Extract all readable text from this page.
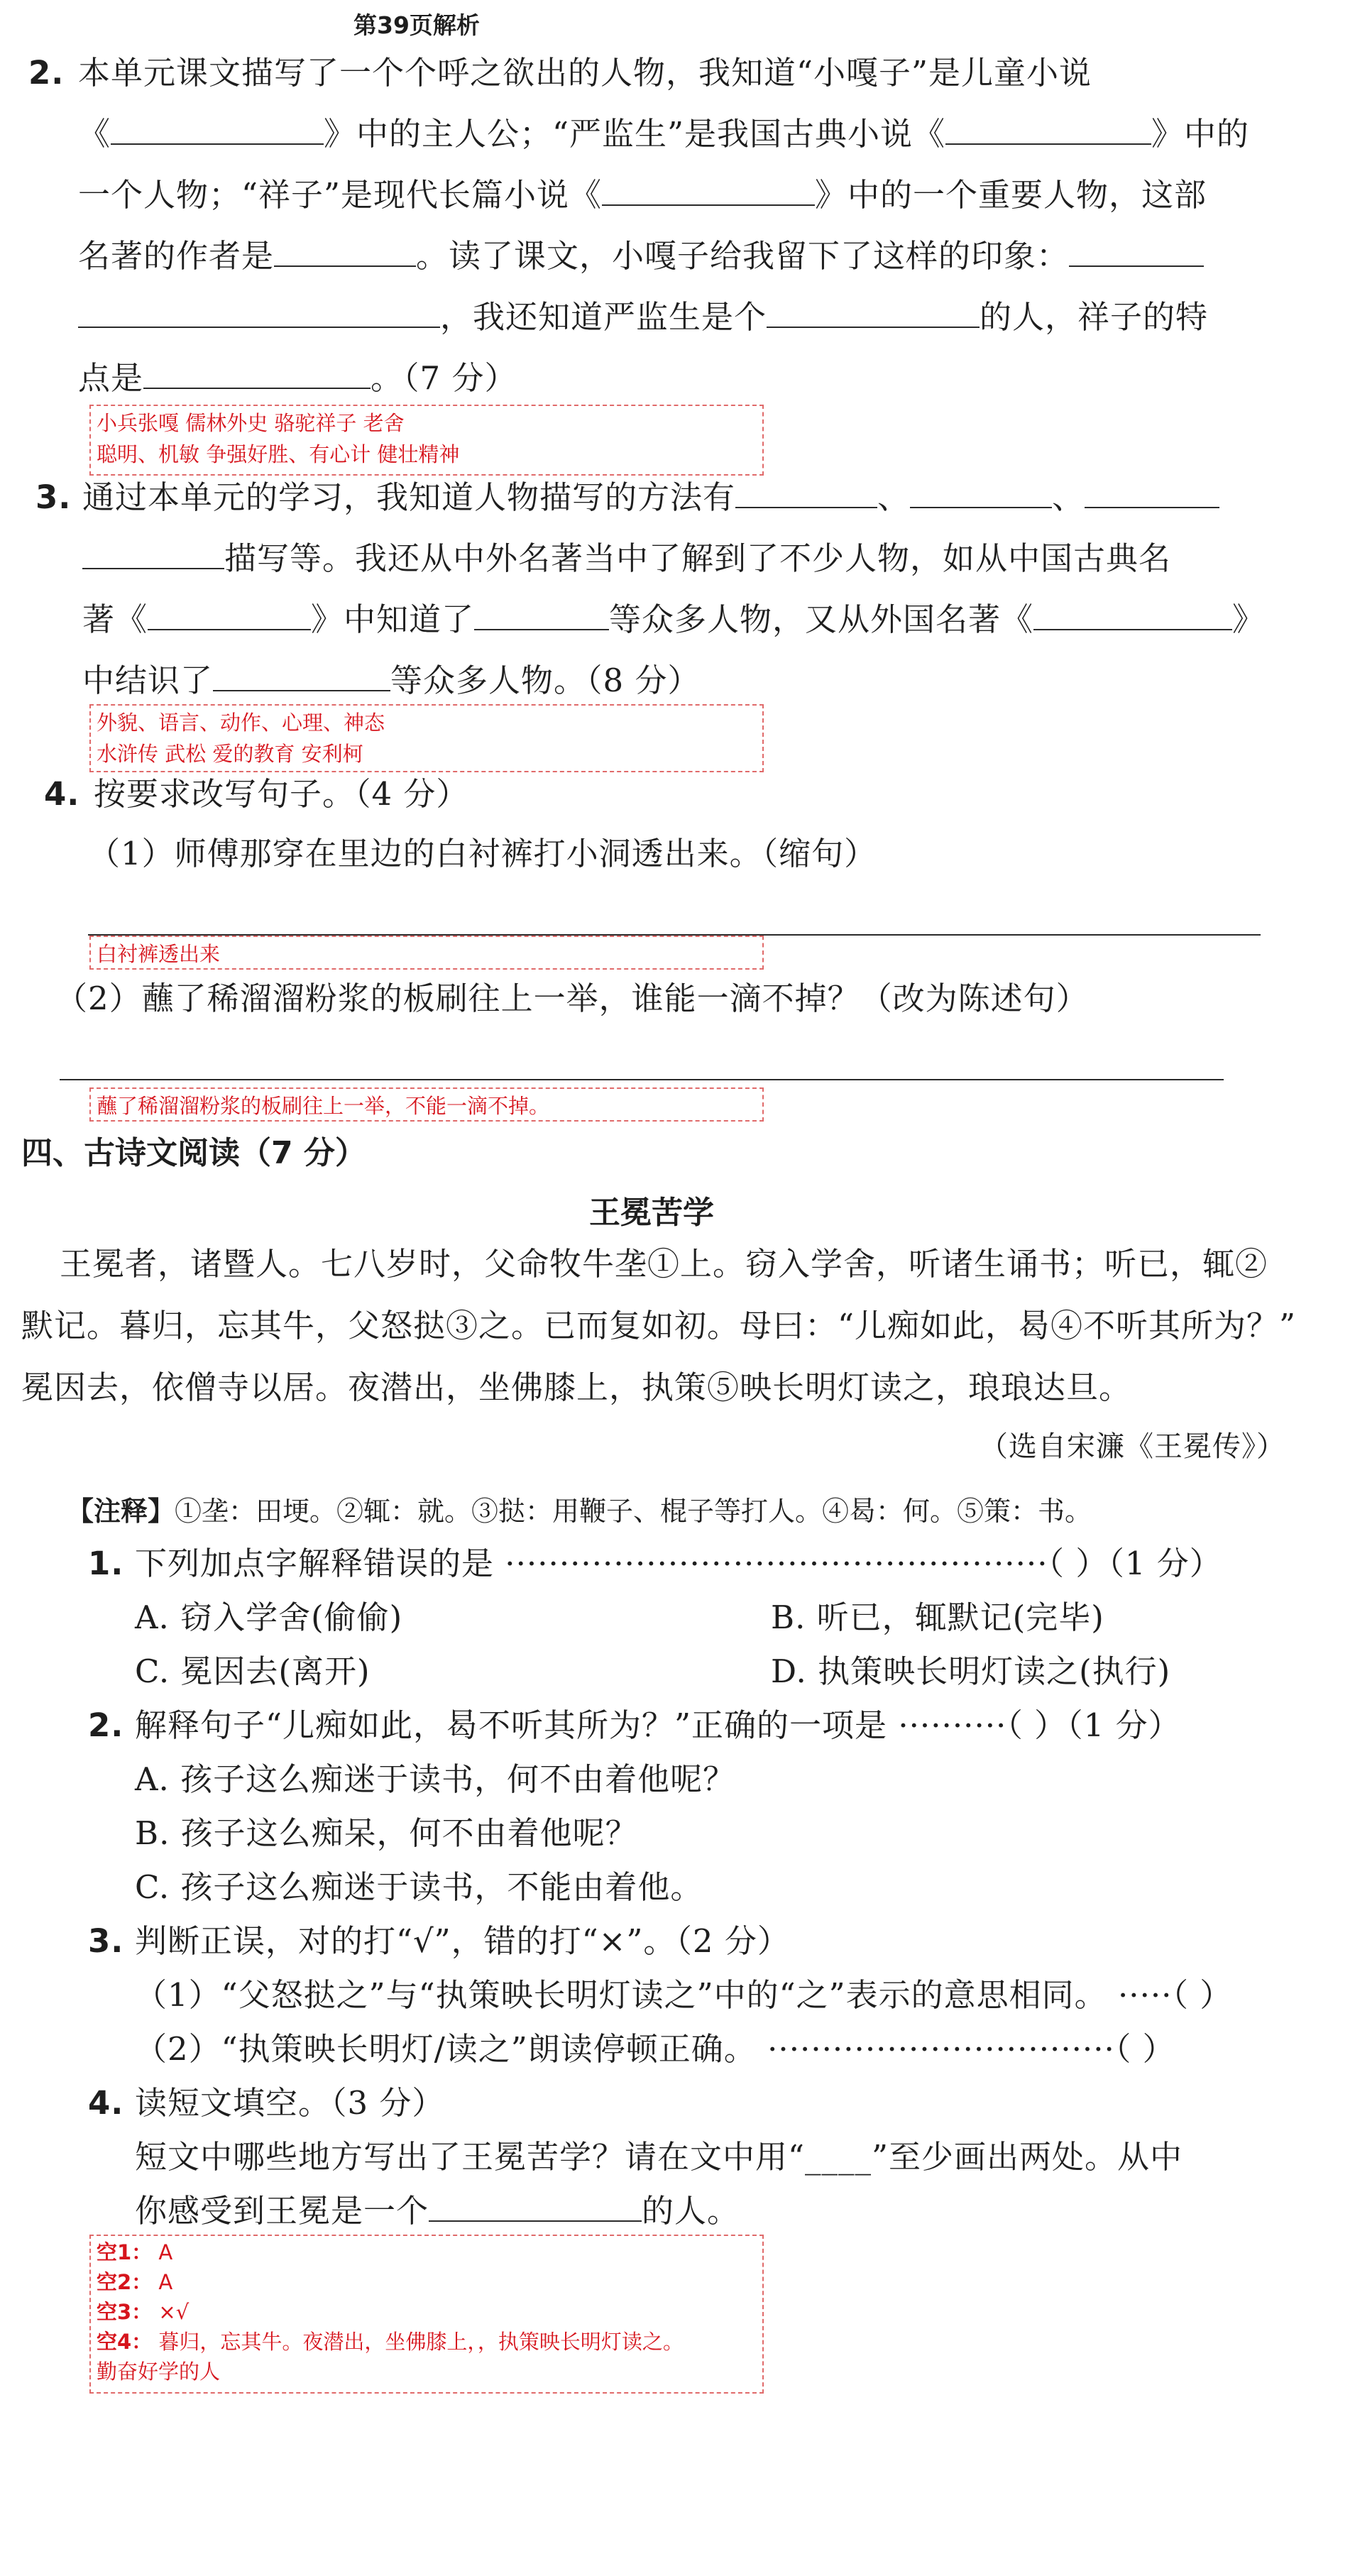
第39页解析
2. 本单元课文描写了一个个呼之欲出的人物，我知道“小嘎子”是儿童小说
《	》中的主人公；“严监生”是我国古典小说《	》中的
一个人物；“祥子”是现代长篇小说《	》中的一个重要人物，这部
名著的作者是	。读了课文，小嘎子给我留下了这样的印象：
，我还知道严监生是个	的人，祥子的特
点是	。（7 分）
小兵张嘎 儒林外史 骆驼祥子 老舍
聪明、机敏 争强好胜、有心计 健壮精神
3. 通过本单元的学习，我知道人物描写的方法有	、	、
描写等。我还从中外名著当中了解到了不少人物，如从中国古典名
著《	》中知道了	等众多人物，又从外国名著《	》
中结识了	等众多人物。（8 分）
外貌、语言、动作、心理、神态
水浒传 武松 爱的教育 安利柯
4. 按要求改写句子。（4 分）
（1）师傅那穿在里边的白衬裤打小洞透出来。（缩句）
白衬裤透出来
（2）蘸了稀溜溜粉浆的板刷往上一举，谁能一滴不掉？（改为陈述句）
蘸了稀溜溜粉浆的板刷往上一举，不能一滴不掉。
四、古诗文阅读（7 分）
王冕苦学
王冕者，诸暨人。七八岁时，父命牧牛垄①上。窃入学舍，听诸生诵书；听已，辄②
默记。暮归，忘其牛，父怒挞③之。已而复如初。母曰：“儿痴如此，曷④不听其所为？”
冕因去，依僧寺以居。夜潜出，坐佛膝上，执策⑤映长明灯读之，琅琅达旦。
（选自宋濂《王冕传》）
【注释】①垄：田埂。②辄：就。③挞：用鞭子、棍子等打人。④曷：何。⑤策：书。
1. 下列加点字解释错误的是 ··················································（ ）（1 分）
A. 窃入学舍(偷偷)	B. 听已，辄默记(完毕)
C. 冕因去(离开)	D. 执策映长明灯读之(执行)
2. 解释句子“儿痴如此，曷不听其所为？”正确的一项是 ··········（ ）（1 分）
A. 孩子这么痴迷于读书，何不由着他呢？
B. 孩子这么痴呆，何不由着他呢？
C. 孩子这么痴迷于读书，不能由着他。
3. 判断正误，对的打“√”，错的打“×”。（2 分）
（1）“父怒挞之”与“执策映长明灯读之”中的“之”表示的意思相同。 ·····（ ）
（2）“执策映长明灯/读之”朗读停顿正确。 ································（ ）
4. 读短文填空。（3 分）
短文中哪些地方写出了王冕苦学？请在文中用“____”至少画出两处。从中
你感受到王冕是一个	的人。
空1： A
空2： A
空3： ×√
空4： 暮归，忘其牛。夜潜出，坐佛膝上，，执策映长明灯读之。
勤奋好学的人
